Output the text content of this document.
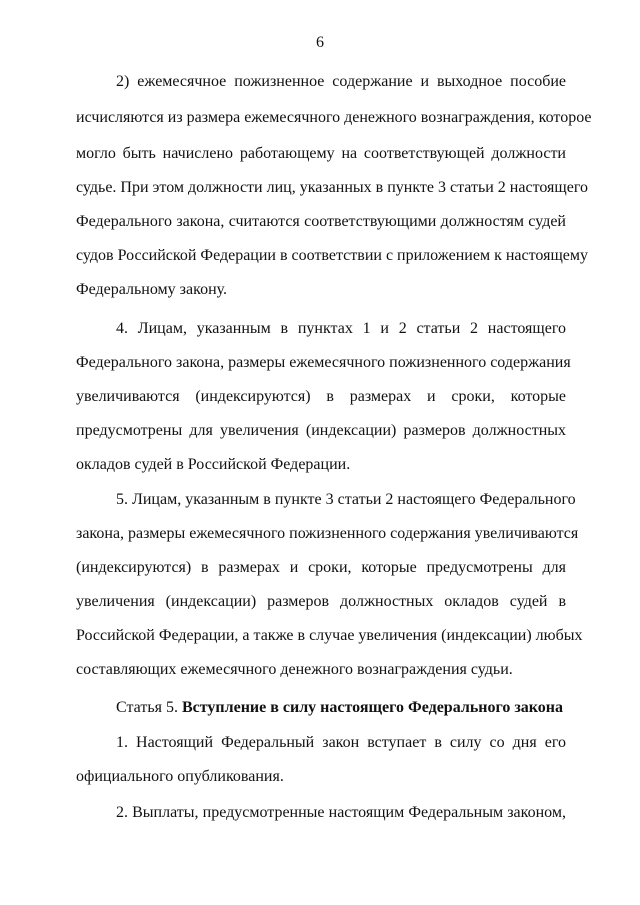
6
2) ежемесячное пожизненное содержание и выходное пособие
исчисляются из размера ежемесячного денежного вознаграждения, которое
могло быть начислено работающему на соответствующей должности
судье. При этом должности лиц, указанных в пункте 3 статьи 2 настоящего
Федерального закона, считаются соответствующими должностям судей
судов Российской Федерации в соответствии с приложением к настоящему
Федеральному закону.
4. Лицам, указанным в пунктах 1 и 2 статьи 2 настоящего
Федерального закона, размеры ежемесячного пожизненного содержания
увеличиваются (индексируются) в размерах и сроки, которые
предусмотрены для увеличения (индексации) размеров должностных
окладов судей в Российской Федерации.
5. Лицам, указанным в пункте 3 статьи 2 настоящего Федерального
закона, размеры ежемесячного пожизненного содержания увеличиваются
(индексируются) в размерах и сроки, которые предусмотрены для
увеличения (индексации) размеров должностных окладов судей в
Российской Федерации, а также в случае увеличения (индексации) любых
составляющих ежемесячного денежного вознаграждения судьи.
Статья 5. Вступление в силу настоящего Федерального закона
1. Настоящий Федеральный закон вступает в силу со дня его
официального опубликования.
2. Выплаты, предусмотренные настоящим Федеральным законом,
